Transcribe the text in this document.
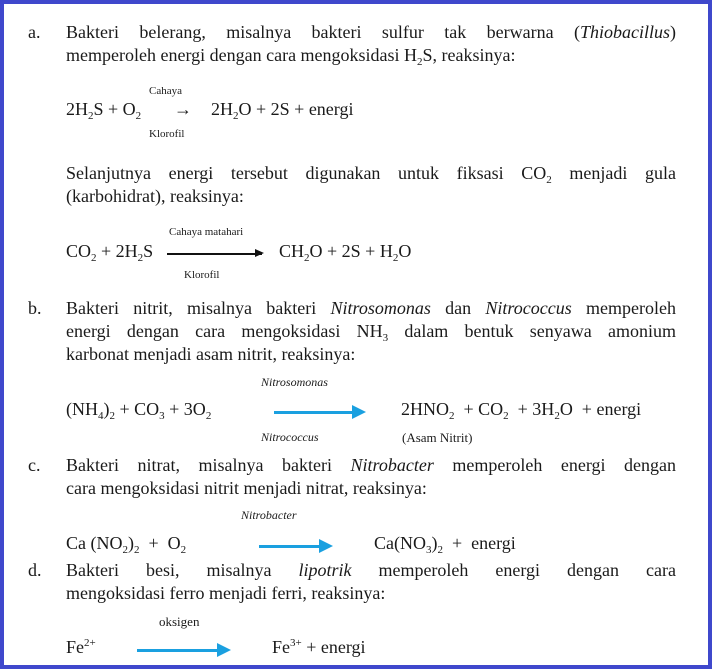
a. Bakteri belerang, misalnya bakteri sulfur tak berwarna (Thiobacillus)
memperoleh energi dengan cara mengoksidasi $H_2S$, reaksinya:
Selanjutnya energi tersebut digunakan untuk fiksasi $CO_2$ menjadi gula
(karbohidrat), reaksinya:
b. Bakteri nitrit, misalnya bakteri Nitrosomonas dan Nitrococcus memperoleh
energi dengan cara mengoksidasi $NH_3$ dalam bentuk senyawa amonium
karbonat menjadi asam nitrit, reaksinya:
c. Bakteri nitrat, misalnya bakteri Nitrobacter memperoleh energi dengan
cara mengoksidasi nitrit menjadi nitrat, reaksinya:
d. Bakteri besi, misalnya lipotrik memperoleh energi dengan cara
mengoksidasi ferro menjadi ferri, reaksinya:
$2H_2S + O_2 \to 2H_2O + 2S$ + energi
Cahaya
Klorofil
$CO_2 + 2H_2S$	$CH_2O + 2S + H_2O$
Cahaya matahari
Klorofil
$(NH_4)_2 + CO_3 + 3O_2$	$2HNO_2 + CO_2 + 3H_2O$  + energi
Nitrosomonas
Nitrococcus	(Asam Nitrit)
Ca $(NO_2)_2 + O_2$	$Ca(NO_3)_2$  +  energi
Nitrobacter
$Fe^{2+}$	$Fe^{3+}$ + energi
oksigen
